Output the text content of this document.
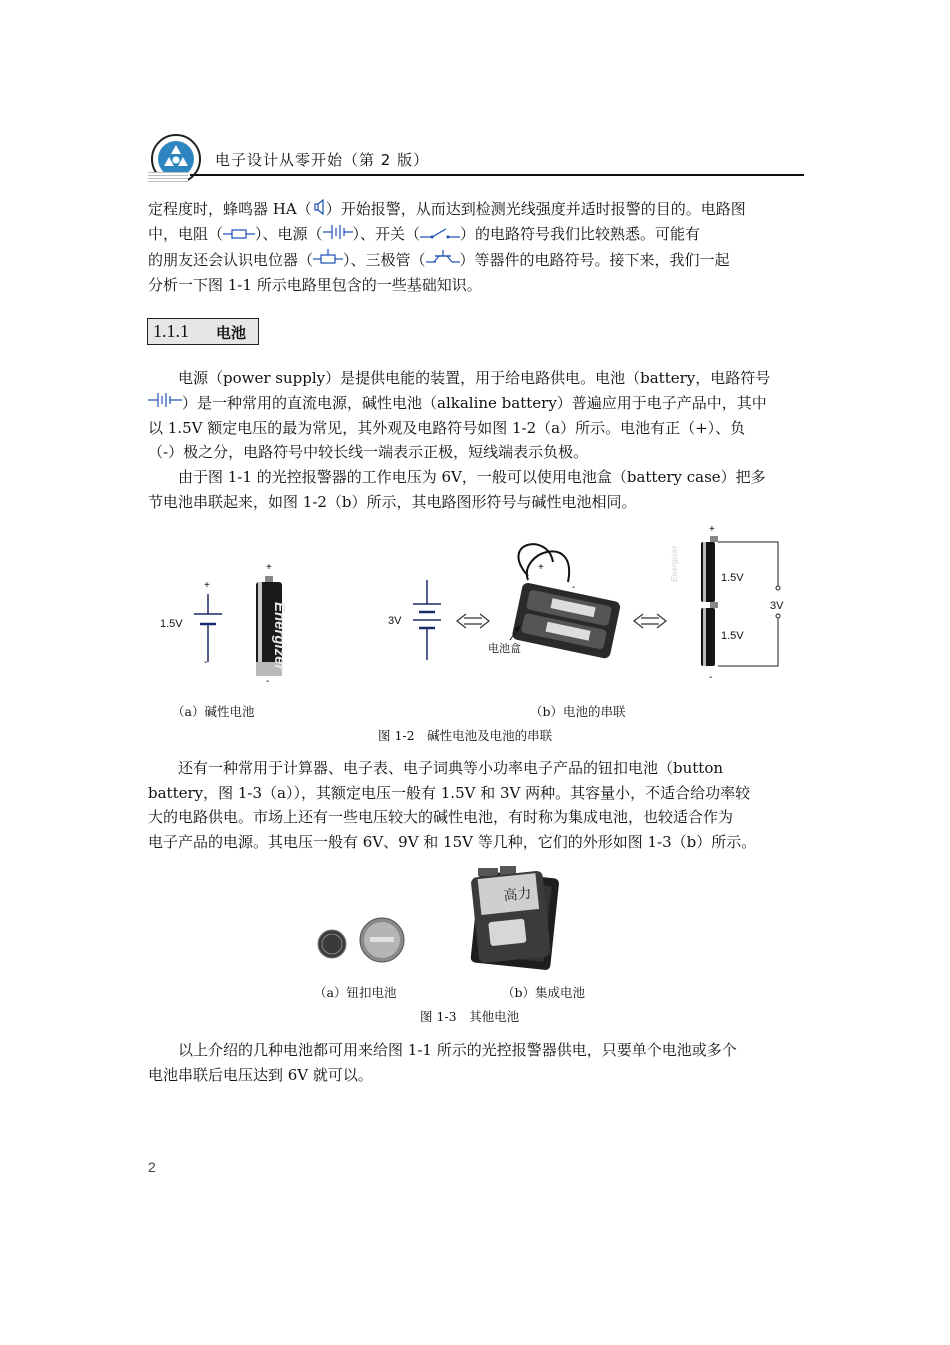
电子设计从零开始（第 2 版）
定程度时，蜂鸣器 HA（ ）开始报警，从而达到检测光线强度并适时报警的目的。电路图
中，电阻（ ）、电源（ ）、开关（	）的电路符号我们比较熟悉。可能有
的朋友还会认识电位器（ ）、三极管（ ）等器件的电路符号。接下来，我们一起
分析一下图 1-1 所示电路里包含的一些基础知识。
1.1.1 电池
电源（power supply）是提供电能的装置，用于给电路供电。电池（battery，电路符号
）是一种常用的直流电源，碱性电池（alkaline battery）普遍应用于电子产品中，其中
以 1.5V 额定电压的最为常见，其外观及电路符号如图 1-2（a）所示。电池有正（+）、负
（-）极之分，电路符号中较长线一端表示正极，短线端表示负极。
由于图 1-1 的光控报警器的工作电压为 6V，一般可以使用电池盒（battery case）把多
节电池串联起来，如图 1-2（b）所示，其电路图形符号与碱性电池相同。
+
-
+
Energizer
-
+
-
+
Energizer
-
1.5V	3V
电池盒
1.5V
1.5V
3V
（a）碱性电池	（b）电池的串联
图 1-2　碱性电池及电池的串联
还有一种常用于计算器、电子表、电子词典等小功率电子产品的钮扣电池（button
battery，图 1-3（a）），其额定电压一般有 1.5V 和 3V 两种。其容量小，不适合给功率较
大的电路供电。市场上还有一些电压较大的碱性电池，有时称为集成电池，也较适合作为
电子产品的电源。其电压一般有 6V、9V 和 15V 等几种，它们的外形如图 1-3（b）所示。
高力
（a）钮扣电池	（b）集成电池
图 1-3　其他电池
以上介绍的几种电池都可用来给图 1-1 所示的光控报警器供电，只要单个电池或多个
电池串联后电压达到 6V 就可以。
2
